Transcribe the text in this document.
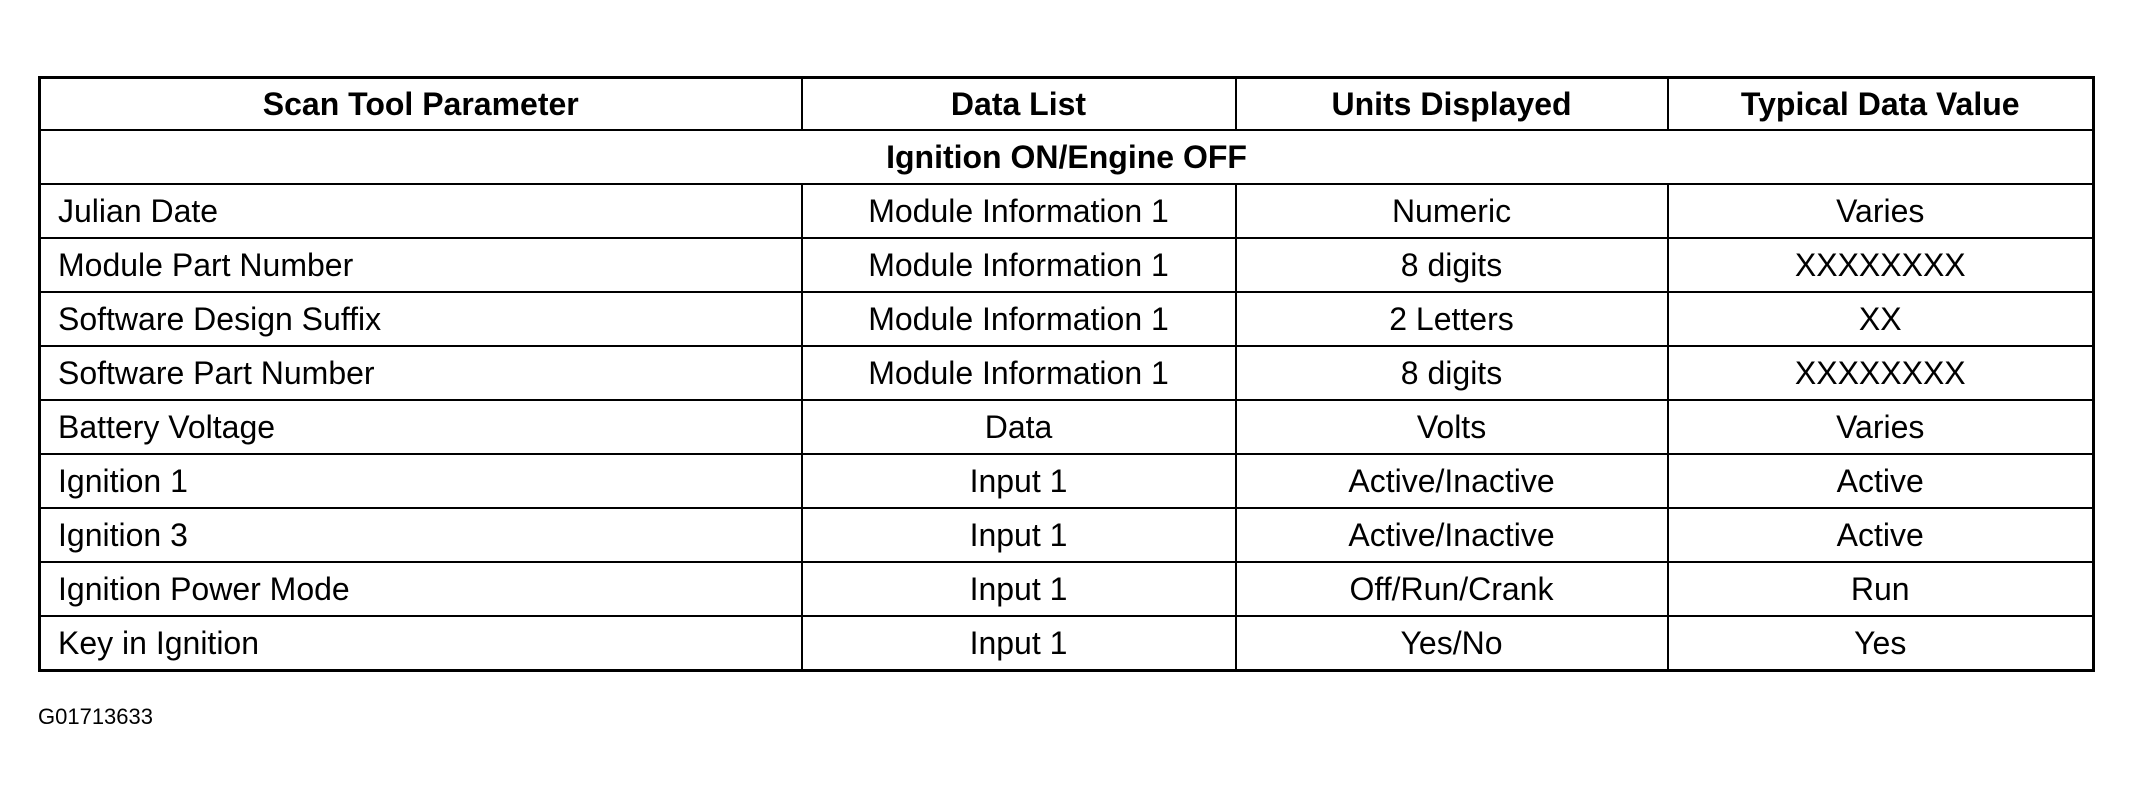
Scan Tool Parameter	Data List	Units Displayed	Typical Data Value
Ignition ON/Engine OFF			
Julian Date	Module Information 1	Numeric	Varies
Module Part Number	Module Information 1	8 digits	XXXXXXXX
Software Design Suffix	Module Information 1	2 Letters	XX
Software Part Number	Module Information 1	8 digits	XXXXXXXX
Battery Voltage	Data	Volts	Varies
Ignition 1	Input 1	Active/Inactive	Active
Ignition 3	Input 1	Active/Inactive	Active
Ignition Power Mode	Input 1	Off/Run/Crank	Run
Key in Ignition	Input 1	Yes/No	Yes
G01713633
